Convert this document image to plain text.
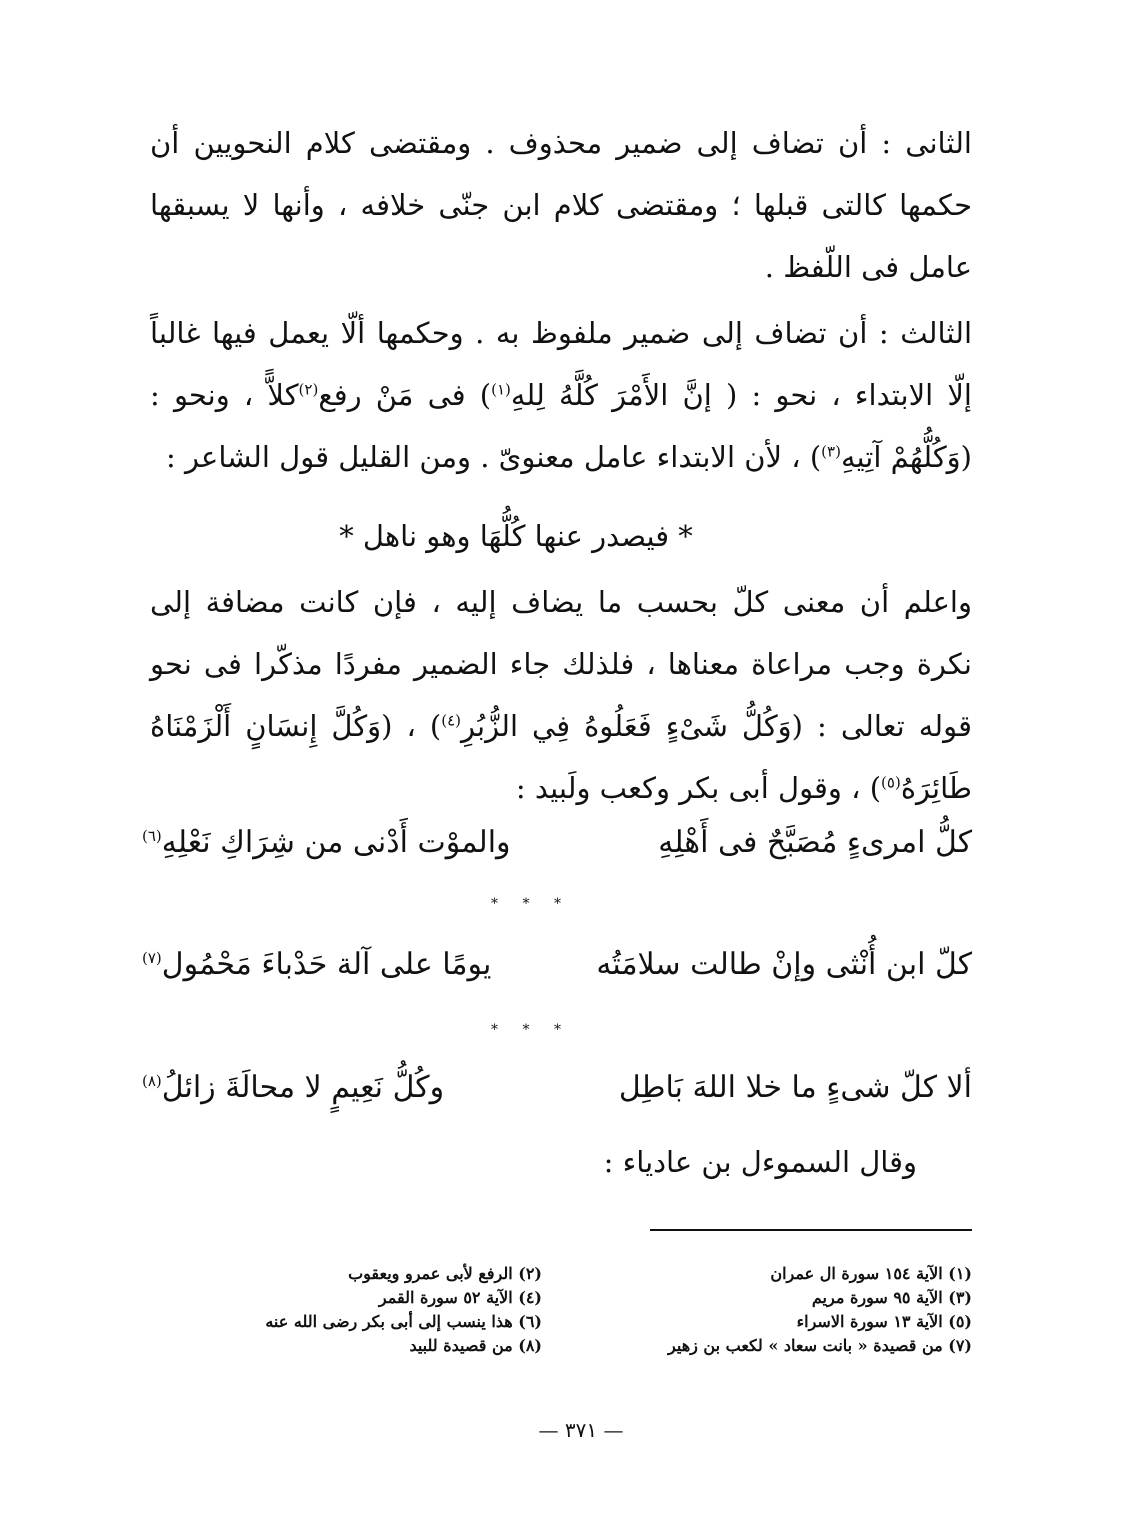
الثانى : أن تضاف إلى ضمير محذوف . ومقتضى كلام النحويين أن حكمها كالتى قبلها ؛ ومقتضى كلام ابن جنّى خلافه ، وأنها لا يسبقها عامل فى اللّفظ .

الثالث : أن تضاف إلى ضمير ملفوظ به . وحكمها ألّا يعمل فيها غالباً إلّا الابتداء ، نحو : ( إنَّ الأَمْرَ كُلَّهُ لِلهِ$^{(١)}$) فى مَنْ رفع$^{(٢)}$كلاًّ ، ونحو : (وَكُلُّهُمْ آتِيهِ$^{(٣)}$) ، لأن الابتداء عامل معنوىّ . ومن القليل قول الشاعر :

* فيصدر عنها كُلُّهَا وهو ناهل *

واعلم أن معنى كلّ بحسب ما يضاف إليه ، فإن كانت مضافة إلى نكرة وجب مراعاة معناها ، فلذلك جاء الضمير مفردًا مذكّرا فى نحو قوله تعالى : (وَكُلُّ شَىْءٍ فَعَلُوهُ فِي الزُّبُرِ$^{(٤)}$) ، (وَكُلَّ إِنسَانٍ أَلْزَمْنَاهُ طَائِرَهُ$^{(٥)}$) ، وقول أبى بكر وكعب ولَبيد :

كلُّ امرىءٍ مُصَبَّحٌ فى أَهْلِهِ
والموْت أَدْنى من شِرَاكِ نَعْلِهِ$^{(٦)}$
* * *
كلّ ابن أُنْثى وإنْ طالت سلامَتُه
يومًا على آلة حَدْباءَ مَحْمُول$^{(٧)}$
* * *
ألا كلّ شىءٍ ما خلا اللهَ بَاطِل
وكُلُّ نَعِيمٍ لا محالَةَ زائلُ$^{(٨)}$

وقال السموءل بن عادياء :

(١) الآية ١٥٤ سورة ال عمران
(٣) الآية ٩٥ سورة مريم
(٥) الآية ١٣ سورة الاسراء
(٧) من قصيدة « بانت سعاد » لكعب بن زهير
(٢) الرفع لأبى عمرو ويعقوب
(٤) الآية ٥٢ سورة القمر
(٦) هذا ينسب إلى أبى بكر رضى الله عنه
(٨) من قصيدة للبيد
— ٣٧١ —
